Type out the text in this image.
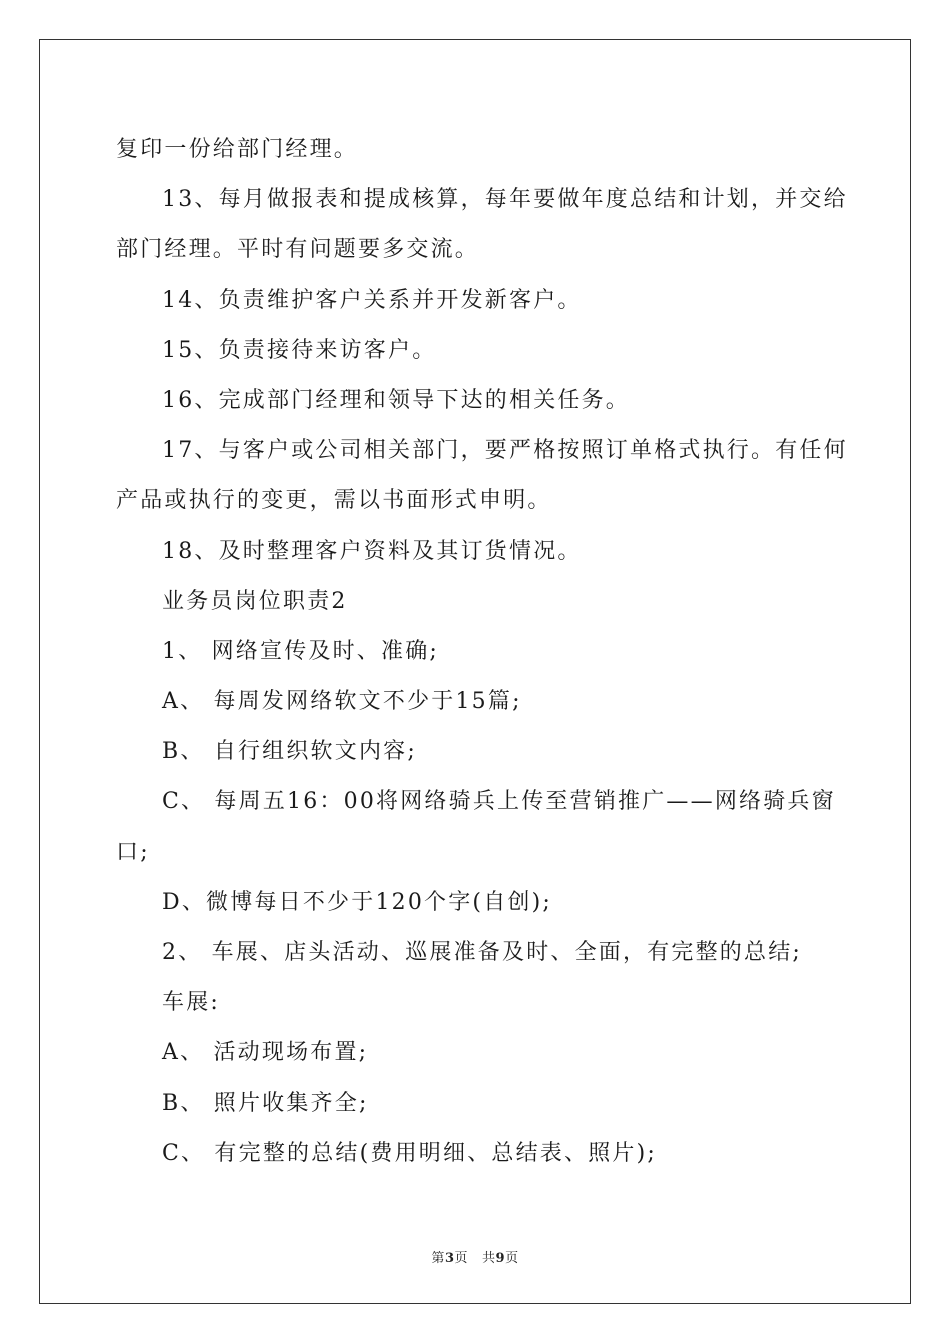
复印一份给部门经理。
13、每月做报表和提成核算，每年要做年度总结和计划，并交给
部门经理。平时有问题要多交流。
14、负责维护客户关系并开发新客户。
15、负责接待来访客户。
16、完成部门经理和领导下达的相关任务。
17、与客户或公司相关部门，要严格按照订单格式执行。有任何
产品或执行的变更，需以书面形式申明。
18、及时整理客户资料及其订货情况。
业务员岗位职责2
1、 网络宣传及时、准确;
A、 每周发网络软文不少于15篇;
B、 自行组织软文内容;
C、 每周五16：00将网络骑兵上传至营销推广——网络骑兵窗
口;
D、微博每日不少于120个字(自创);
2、 车展、店头活动、巡展准备及时、全面，有完整的总结;
车展:
A、 活动现场布置;
B、 照片收集齐全;
C、 有完整的总结(费用明细、总结表、照片);
第3页 共9页
